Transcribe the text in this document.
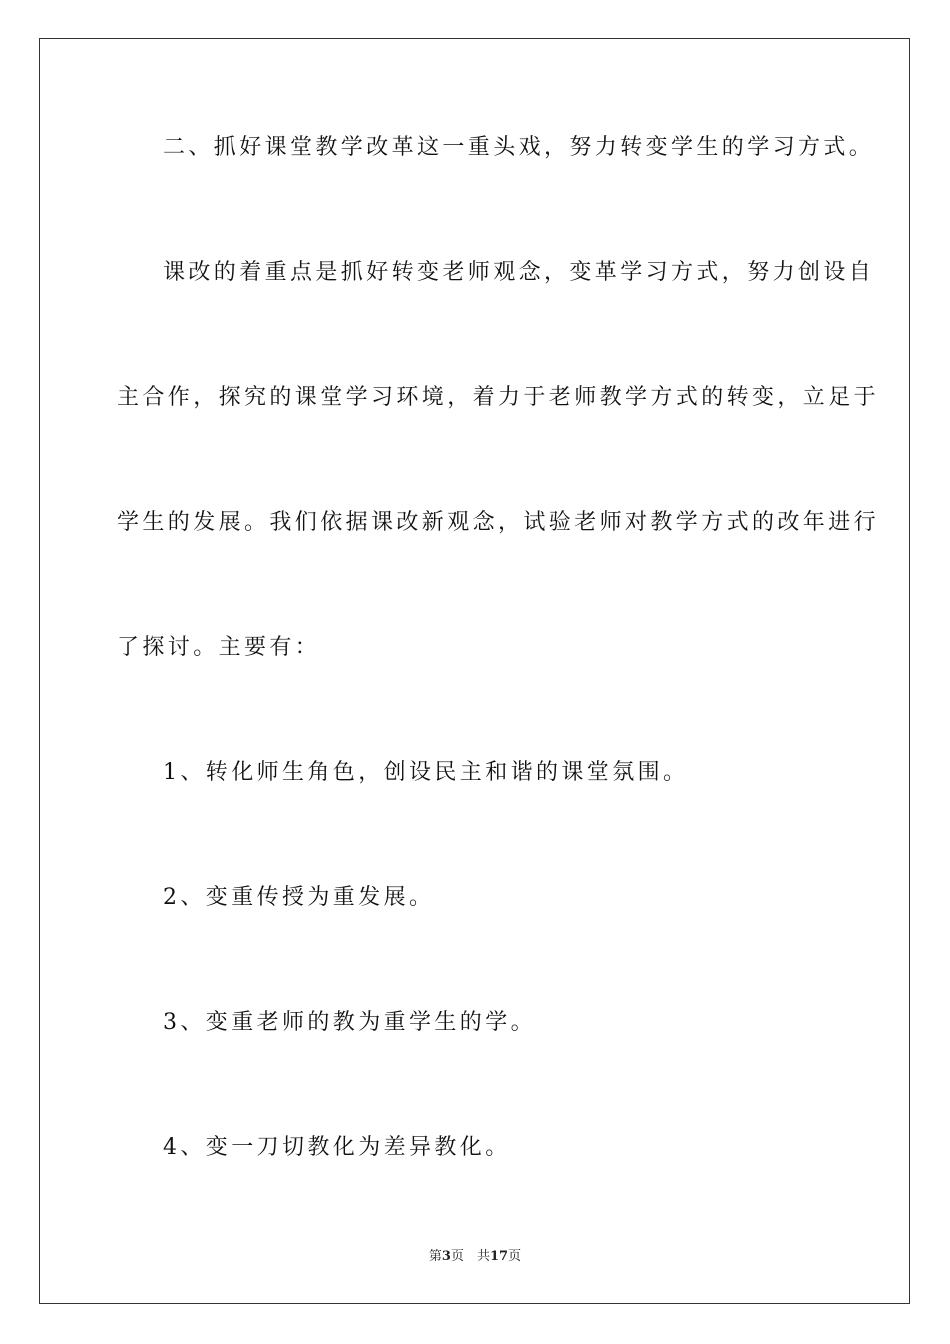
二、抓好课堂教学改革这一重头戏，努力转变学生的学习方式。
课改的着重点是抓好转变老师观念，变革学习方式，努力创设自
主合作，探究的课堂学习环境，着力于老师教学方式的转变，立足于
学生的发展。我们依据课改新观念，试验老师对教学方式的改年进行
了探讨。主要有：
1、转化师生角色，创设民主和谐的课堂氛围。
2、变重传授为重发展。
3、变重老师的教为重学生的学。
4、变一刀切教化为差异教化。
第3页　共17页
